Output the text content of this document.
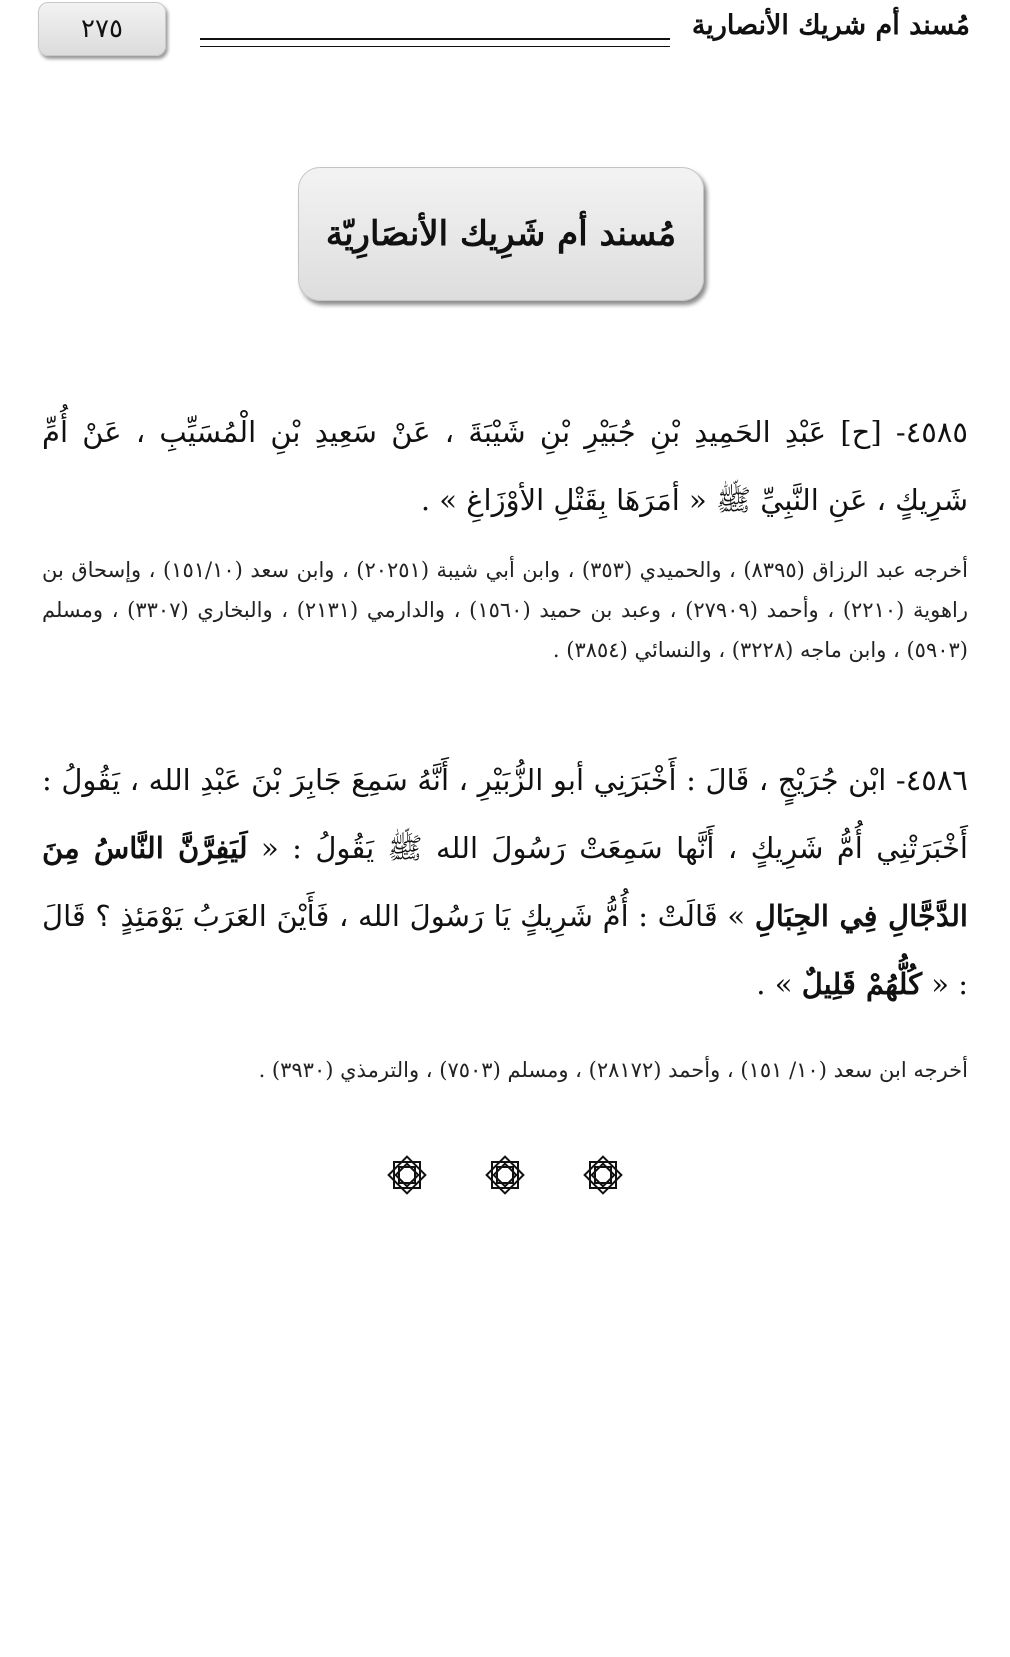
مُسند أم شريك الأنصارية
٢٧٥
مُسند أم شَرِيك الأنصَارِيّة
٤٥٨٥- [ح] عَبْدِ الحَمِيدِ بْنِ جُبَيْرِ بْنِ شَيْبَةَ ، عَنْ سَعِيدِ بْنِ الْمُسَيِّبِ ، عَنْ أُمِّ شَرِيكٍ ، عَنِ النَّبِيِّ ﷺ « أمَرَهَا بِقَتْلِ الأوْزَاغِ » .
أخرجه عبد الرزاق (٨٣٩٥) ، والحميدي (٣٥٣) ، وابن أبي شيبة (٢٠٢٥١) ، وابن سعد (١٥١/١٠) ، وإسحاق بن راهوية (٢٢١٠) ، وأحمد (٢٧٩٠٩) ، وعبد بن حميد (١٥٦٠) ، والدارمي (٢١٣١) ، والبخاري (٣٣٠٧) ، ومسلم (٥٩٠٣) ، وابن ماجه (٣٢٢٨) ، والنسائي (٣٨٥٤) .
٤٥٨٦- ابْن جُرَيْجٍ ، قَالَ : أَخْبَرَنِي أبو الزُّبَيْرِ ، أَنَّهُ سَمِعَ جَابِرَ بْنَ عَبْدِ الله ، يَقُولُ : أَخْبَرَتْنِي أُمُّ شَرِيكٍ ، أَنَّها سَمِعَتْ رَسُولَ الله ﷺ يَقُولُ : « لَيَفِرَّنَّ النَّاسُ مِنَ الدَّجَّالِ فِي الجِبَالِ » قَالَتْ : أُمُّ شَرِيكٍ يَا رَسُولَ الله ، فَأَيْنَ العَرَبُ يَوْمَئِذٍ ؟ قَالَ : « كُلُّهُمْ قَلِيلٌ » .
أخرجه ابن سعد (١٠/ ١٥١) ، وأحمد (٢٨١٧٢) ، ومسلم (٧٥٠٣) ، والترمذي (٣٩٣٠) .
